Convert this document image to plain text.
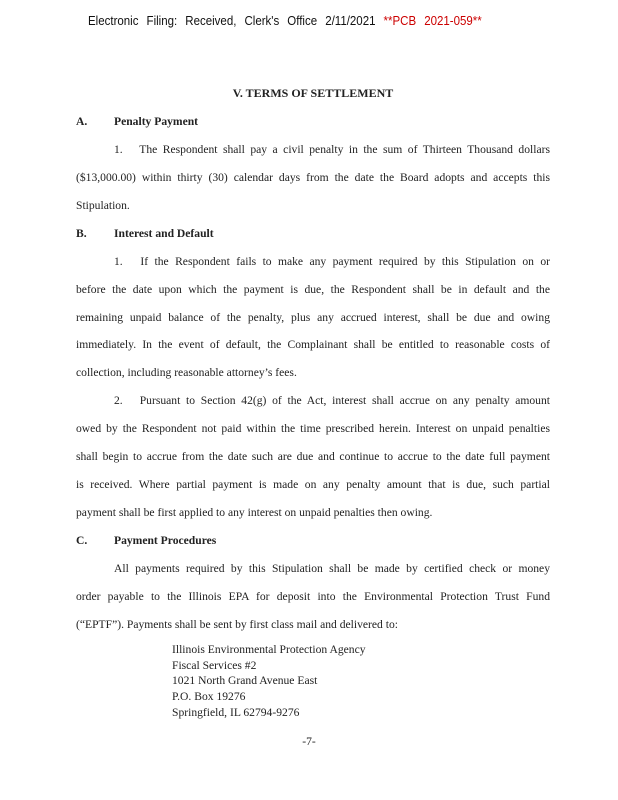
Electronic Filing: Received, Clerk's Office 2/11/2021 **PCB 2021-059**
V. TERMS OF SETTLEMENT
A. Penalty Payment
1. The Respondent shall pay a civil penalty in the sum of Thirteen Thousand dollars
($13,000.00) within thirty (30) calendar days from the date the Board adopts and accepts this
Stipulation.
B. Interest and Default
1. If the Respondent fails to make any payment required by this Stipulation on or
before the date upon which the payment is due, the Respondent shall be in default and the
remaining unpaid balance of the penalty, plus any accrued interest, shall be due and owing
immediately. In the event of default, the Complainant shall be entitled to reasonable costs of
collection, including reasonable attorney’s fees.
2. Pursuant to Section 42(g) of the Act, interest shall accrue on any penalty amount
owed by the Respondent not paid within the time prescribed herein. Interest on unpaid penalties
shall begin to accrue from the date such are due and continue to accrue to the date full payment
is received. Where partial payment is made on any penalty amount that is due, such partial
payment shall be first applied to any interest on unpaid penalties then owing.
C. Payment Procedures
All payments required by this Stipulation shall be made by certified check or money
order payable to the Illinois EPA for deposit into the Environmental Protection Trust Fund
(“EPTF”). Payments shall be sent by first class mail and delivered to:
Illinois Environmental Protection Agency
Fiscal Services #2
1021 North Grand Avenue East
P.O. Box 19276
Springfield, IL 62794-9276
-7-
